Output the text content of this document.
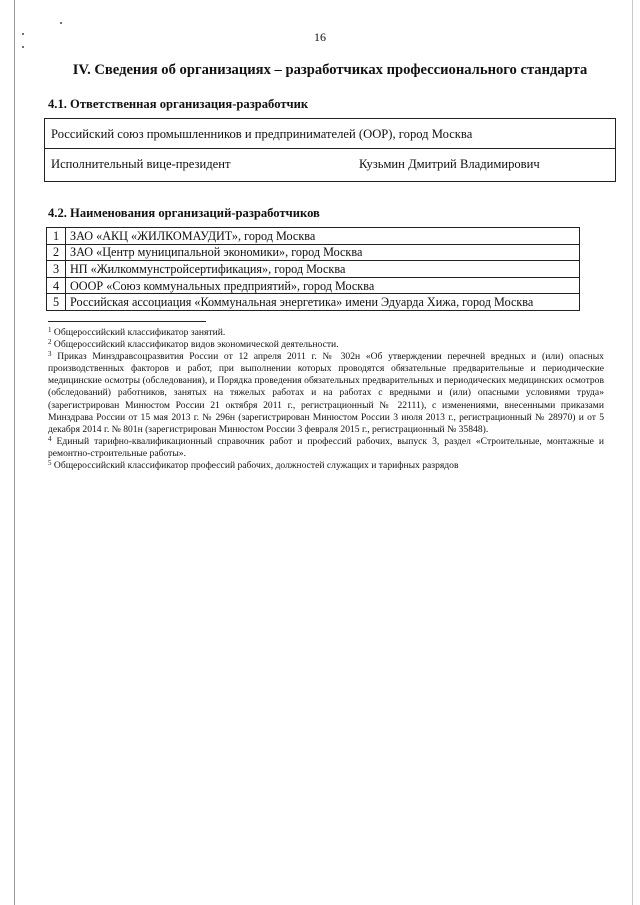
16
IV. Сведения об организациях – разработчиках профессионального стандарта
4.1. Ответственная организация-разработчик
Российский союз промышленников и предпринимателей (ООР), город Москва
Исполнительный вице-президент	Кузьмин Дмитрий Владимирович
4.2. Наименования организаций-разработчиков
1	ЗАО «АКЦ «ЖИЛКОМАУДИТ», город Москва
2	ЗАО «Центр муниципальной экономики», город Москва
3	НП «Жилкоммунстройсертификация», город Москва
4	ОООР «Союз коммунальных предприятий», город Москва
5	Российская ассоциация «Коммунальная энергетика» имени Эдуарда Хижа, город Москва

$^1$ Общероссийский классификатор занятий.

$^2$ Общероссийский классификатор видов экономической деятельности.

$^3$ Приказ Минздравсоцразвития России от 12 апреля 2011 г. № 302н «Об утверждении перечней вредных и (или) опасных производственных факторов и работ, при выполнении которых проводятся обязательные предварительные и периодические медицинские осмотры (обследования), и Порядка проведения обязательных предварительных и периодических медицинских осмотров (обследований) работников, занятых на тяжелых работах и на работах с вредными и (или) опасными условиями труда» (зарегистрирован Минюстом России 21 октября 2011 г., регистрационный № 22111), с изменениями, внесенными приказами Минздрава России от 15 мая 2013 г. № 296н (зарегистрирован Минюстом России 3 июля 2013 г., регистрационный № 28970) и от 5 декабря 2014 г. № 801н (зарегистрирован Минюстом России 3 февраля 2015 г., регистрационный № 35848).

$^4$ Единый тарифно-квалификационный справочник работ и профессий рабочих, выпуск 3, раздел «Строительные, монтажные и ремонтно-строительные работы».

$^5$ Общероссийский классификатор профессий рабочих, должностей служащих и тарифных разрядов
